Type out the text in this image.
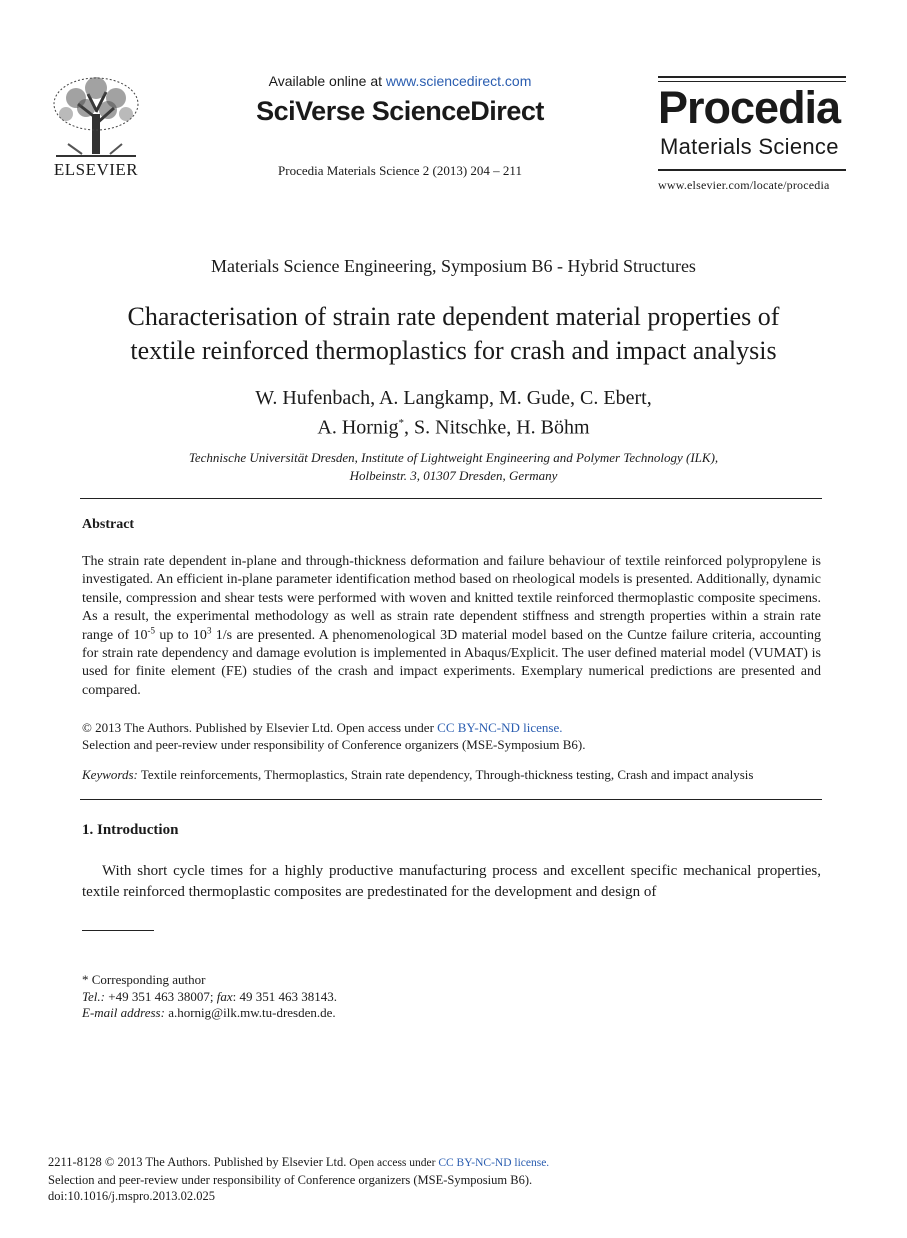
ELSEVIER
Available online at www.sciencedirect.com
SciVerse ScienceDirect
Procedia Materials Science 2 (2013) 204 – 211
Procedia
Materials Science
www.elsevier.com/locate/procedia
Materials Science Engineering, Symposium B6 - Hybrid Structures
Characterisation of strain rate dependent material properties of
textile reinforced thermoplastics for crash and impact analysis
W. Hufenbach, A. Langkamp, M. Gude, C. Ebert,
A. Hornig*, S. Nitschke, H. Böhm
Technische Universität Dresden, Institute of Lightweight Engineering and Polymer Technology (ILK),
Holbeinstr. 3, 01307 Dresden, Germany
Abstract
The strain rate dependent in-plane and through-thickness deformation and failure behaviour of textile reinforced polypropylene is investigated. An efficient in-plane parameter identification method based on rheological models is presented. Additionally, dynamic tensile, compression and shear tests were performed with woven and knitted textile reinforced thermoplastic composite specimens. As a result, the experimental methodology as well as strain rate dependent stiffness and strength properties within a strain rate range of $10^{-5}$ up to $10^3$ 1/s are presented. A phenomenological 3D material model based on the Cuntze failure criteria, accounting for strain rate dependency and damage evolution is implemented in Abaqus/Explicit. The user defined material model (VUMAT) is used for finite element (FE) studies of the crash and impact experiments. Exemplary numerical predictions are presented and compared.
© 2013 The Authors. Published by Elsevier Ltd. Open access under CC BY-NC-ND license.
Selection and peer-review under responsibility of Conference organizers (MSE-Symposium B6).
Keywords: Textile reinforcements, Thermoplastics, Strain rate dependency, Through-thickness testing, Crash and impact analysis
1. Introduction
With short cycle times for a highly productive manufacturing process and excellent specific mechanical properties, textile reinforced thermoplastic composites are predestinated for the development and design of
* Corresponding author
Tel.: +49 351 463 38007; fax: 49 351 463 38143.
E-mail address: a.hornig@ilk.mw.tu-dresden.de.
2211-8128 © 2013 The Authors. Published by Elsevier Ltd. Open access under CC BY-NC-ND license.
Selection and peer-review under responsibility of Conference organizers (MSE-Symposium B6).
doi:10.1016/j.mspro.2013.02.025
